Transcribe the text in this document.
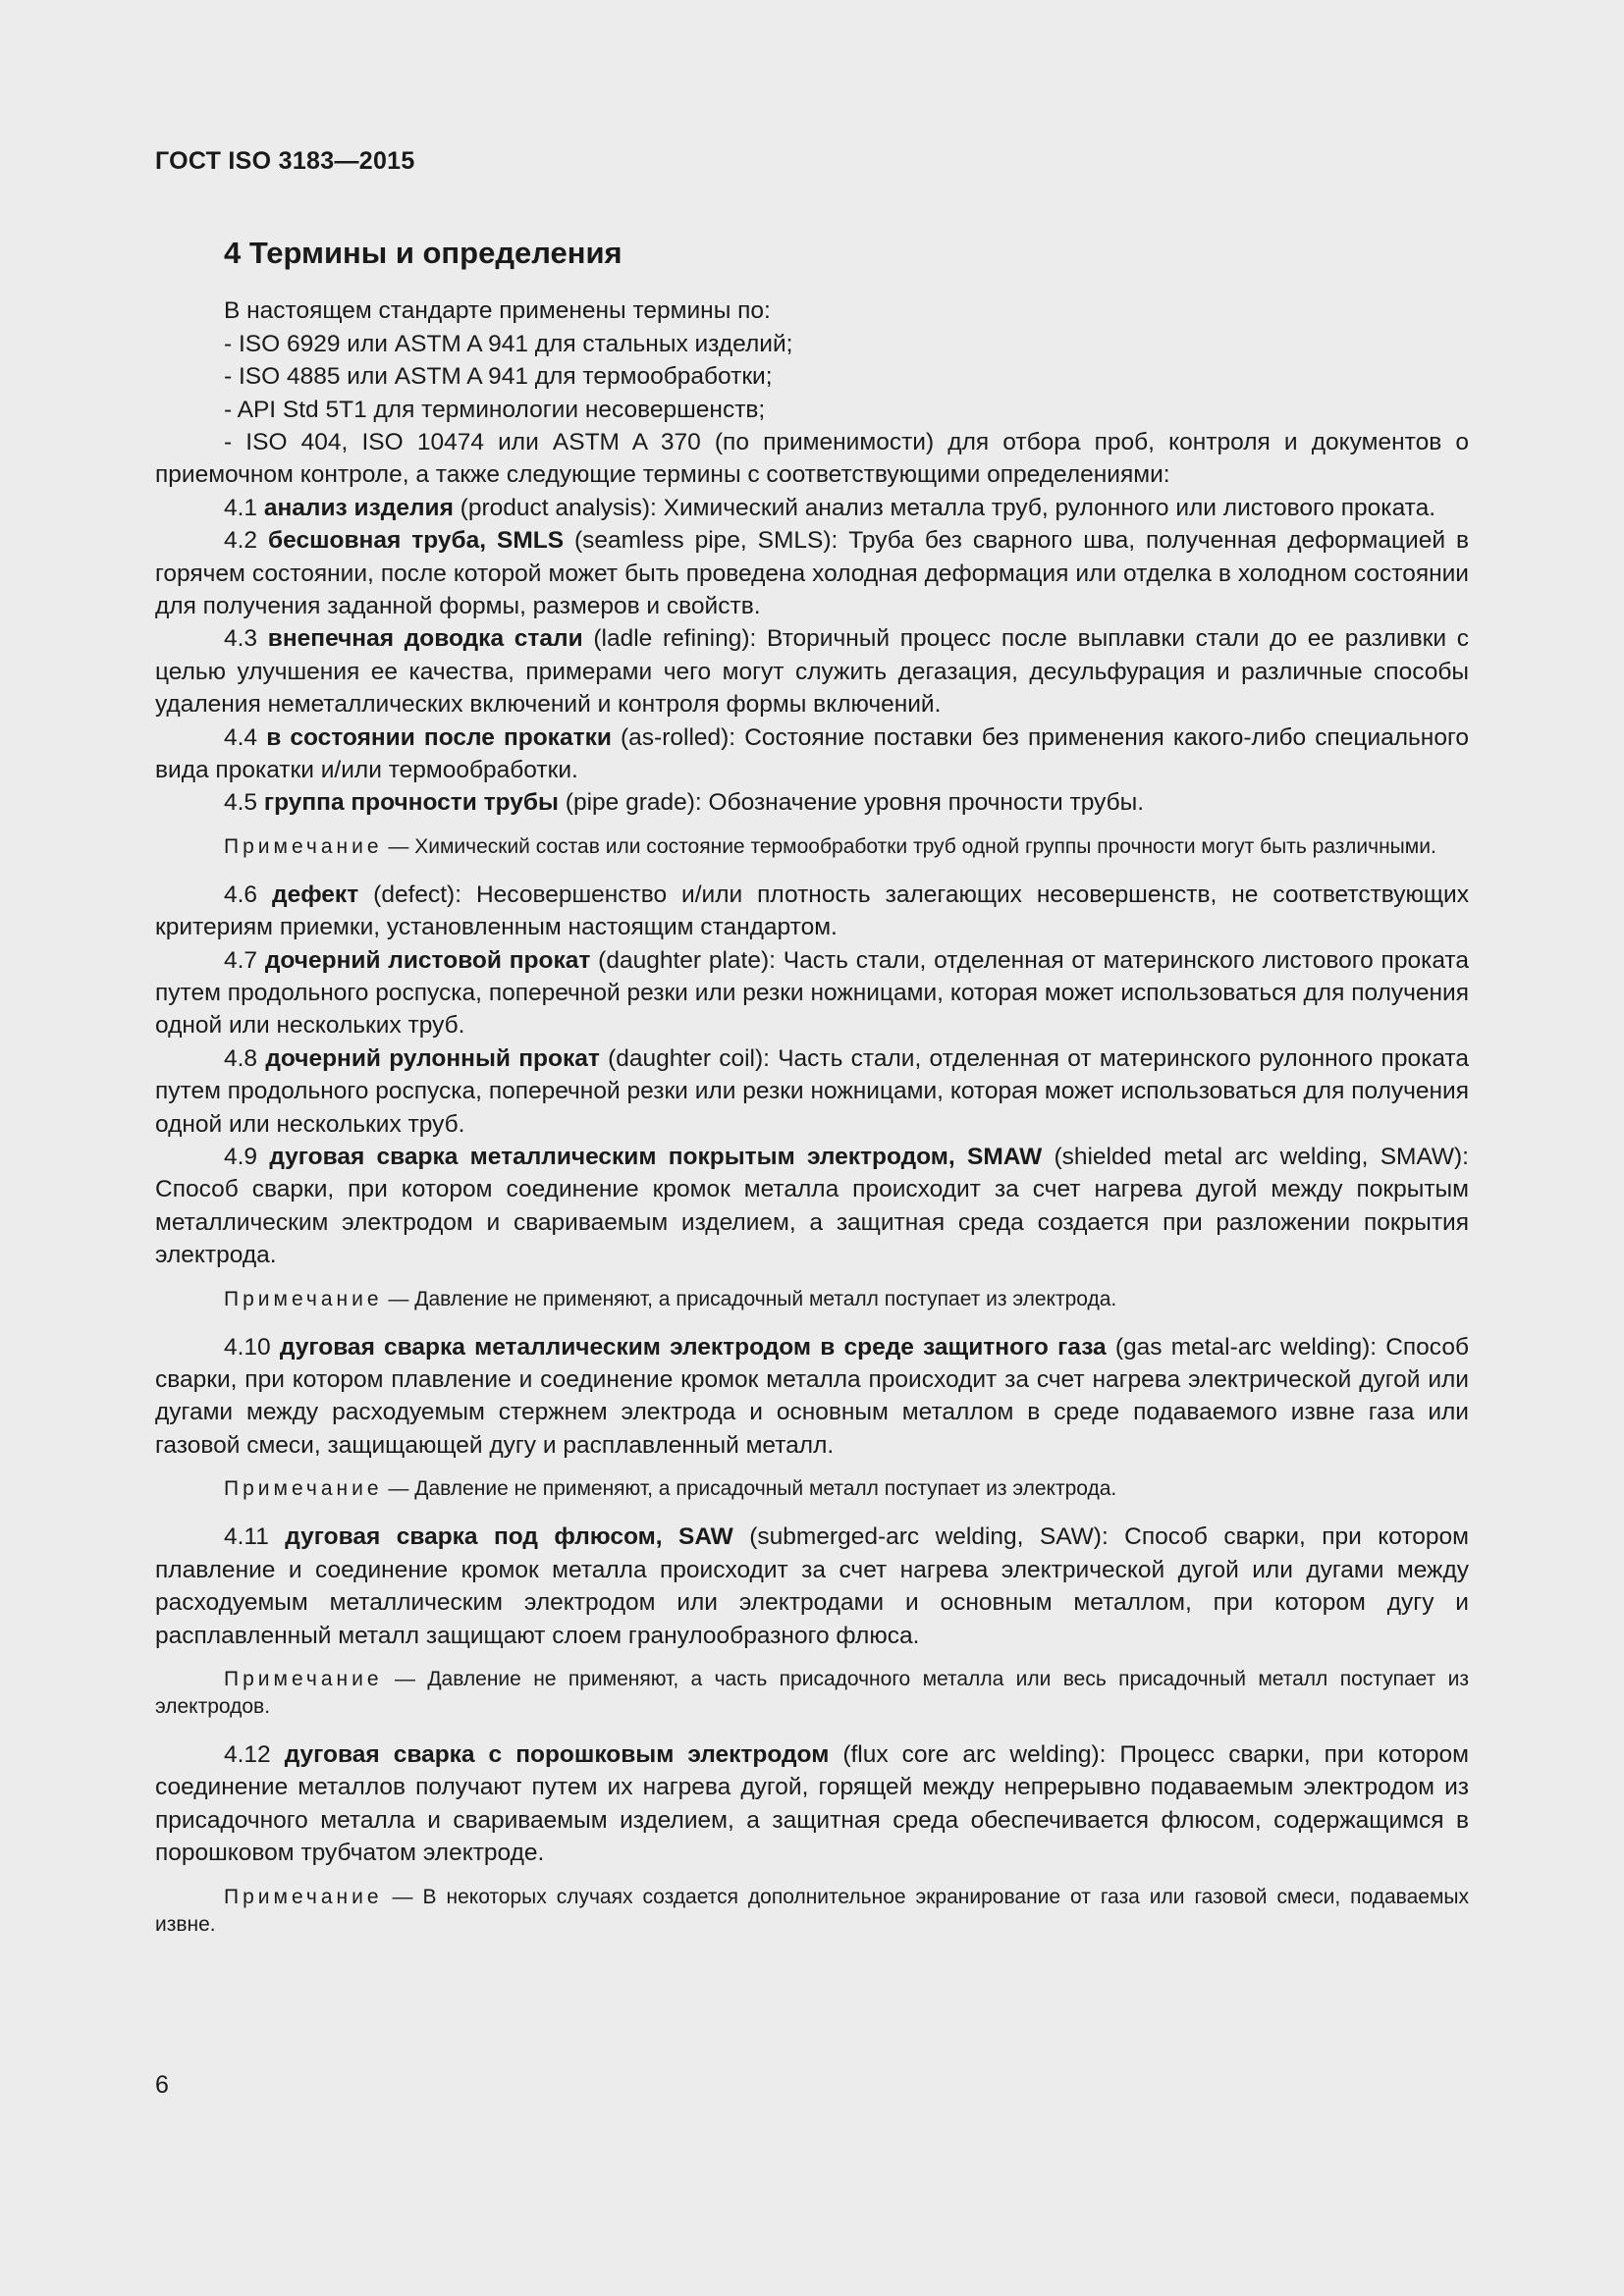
ГОСТ ISO 3183—2015
4 Термины и определения

В настоящем стандарте применены термины по:

- ISO 6929 или ASTM A 941 для стальных изделий;

- ISO 4885 или ASTM A 941 для термообработки;

- API Std 5T1 для терминологии несовершенств;

- ISO 404, ISO 10474 или ASTM A 370 (по применимости) для отбора проб, контроля и документов о приемочном контроле, а также следующие термины с соответствующими определениями:

4.1 анализ изделия (product analysis): Химический анализ металла труб, рулонного или листового проката.

4.2 бесшовная труба, SMLS (seamless pipe, SMLS): Труба без сварного шва, полученная деформацией в горячем состоянии, после которой может быть проведена холодная деформация или отделка в холодном состоянии для получения заданной формы, размеров и свойств.

4.3 внепечная доводка стали (ladle refining): Вторичный процесс после выплавки стали до ее разливки с целью улучшения ее качества, примерами чего могут служить дегазация, десульфурация и различные способы удаления неметаллических включений и контроля формы включений.

4.4 в состоянии после прокатки (as-rolled): Состояние поставки без применения какого-либо специального вида прокатки и/или термообработки.

4.5 группа прочности трубы (pipe grade): Обозначение уровня прочности трубы.

Примечание — Химический состав или состояние термообработки труб одной группы прочности могут быть различными.

4.6 дефект (defect): Несовершенство и/или плотность залегающих несовершенств, не соответствующих критериям приемки, установленным настоящим стандартом.

4.7 дочерний листовой прокат (daughter plate): Часть стали, отделенная от материнского листового проката путем продольного роспуска, поперечной резки или резки ножницами, которая может использоваться для получения одной или нескольких труб.

4.8 дочерний рулонный прокат (daughter coil): Часть стали, отделенная от материнского рулонного проката путем продольного роспуска, поперечной резки или резки ножницами, которая может использоваться для получения одной или нескольких труб.

4.9 дуговая сварка металлическим покрытым электродом, SMAW (shielded metal arc welding, SMAW): Способ сварки, при котором соединение кромок металла происходит за счет нагрева дугой между покрытым металлическим электродом и свариваемым изделием, а защитная среда создается при разложении покрытия электрода.

Примечание — Давление не применяют, а присадочный металл поступает из электрода.

4.10 дуговая сварка металлическим электродом в среде защитного газа (gas metal-arc welding): Способ сварки, при котором плавление и соединение кромок металла происходит за счет нагрева электрической дугой или дугами между расходуемым стержнем электрода и основным металлом в среде подаваемого извне газа или газовой смеси, защищающей дугу и расплавленный металл.

Примечание — Давление не применяют, а присадочный металл поступает из электрода.

4.11 дуговая сварка под флюсом, SAW (submerged-arc welding, SAW): Способ сварки, при котором плавление и соединение кромок металла происходит за счет нагрева электрической дугой или дугами между расходуемым металлическим электродом или электродами и основным металлом, при котором дугу и расплавленный металл защищают слоем гранулообразного флюса.

Примечание — Давление не применяют, а часть присадочного металла или весь присадочный металл поступает из электродов.

4.12 дуговая сварка с порошковым электродом (flux core arc welding): Процесс сварки, при котором соединение металлов получают путем их нагрева дугой, горящей между непрерывно подаваемым электродом из присадочного металла и свариваемым изделием, а защитная среда обеспечивается флюсом, содержащимся в порошковом трубчатом электроде.

Примечание — В некоторых случаях создается дополнительное экранирование от газа или газовой смеси, подаваемых извне.

6
